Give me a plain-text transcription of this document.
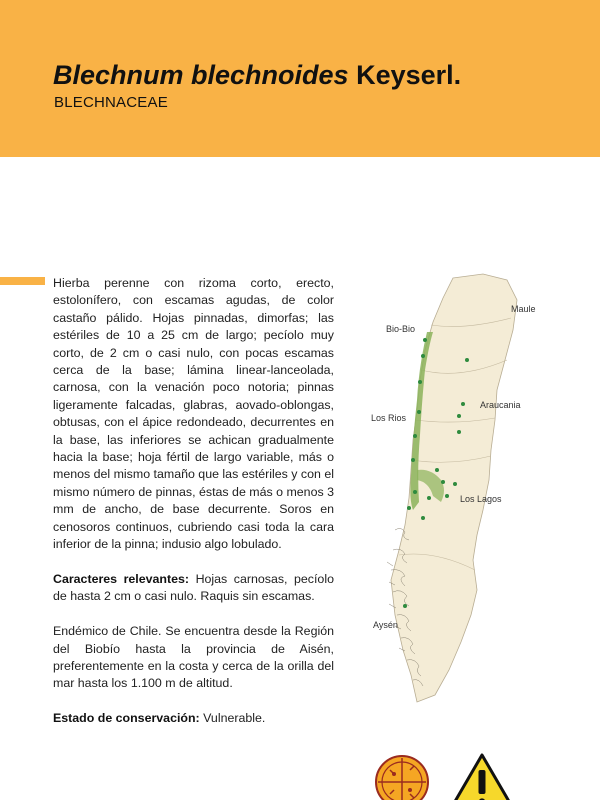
Blechnum blechnoides Keyserl.
BLECHNACEAE

Hierba perenne con rizoma corto, erecto, estolonífero, con escamas agudas, de color castaño pálido. Hojas pinnadas, dimorfas; las estériles de 10 a 25 cm de largo; pecíolo muy corto, de 2 cm o casi nulo, con pocas escamas cerca de la base; lámina linear-lanceolada, carnosa, con la venación poco notoria; pinnas ligeramente falcadas, glabras, aovado-oblongas, obtusas, con el ápice redondeado, decurrentes en la base, las inferiores se achican gradualmente hacia la base; hoja fértil de largo variable, más o menos del mismo tamaño que las estériles y con el mismo número de pinnas, éstas de más o menos 3 mm de ancho, de base decurrente. Soros en cenosoros continuos, cubriendo casi toda la cara inferior de la pinna; indusio algo lobulado.

Caracteres relevantes: Hojas carnosas, pecíolo de hasta 2 cm o casi nulo. Raquis sin escamas.

Endémico de Chile. Se encuentra desde la Región del Biobío hasta la provincia de Aisén, preferentemente en la costa y cerca de la orilla del mar hasta los 1.100 m de altitud.

Estado de conservación: Vulnerable.

Maule
Bio-Bio
Araucania
Los Rios
Los Lagos
Aysén
